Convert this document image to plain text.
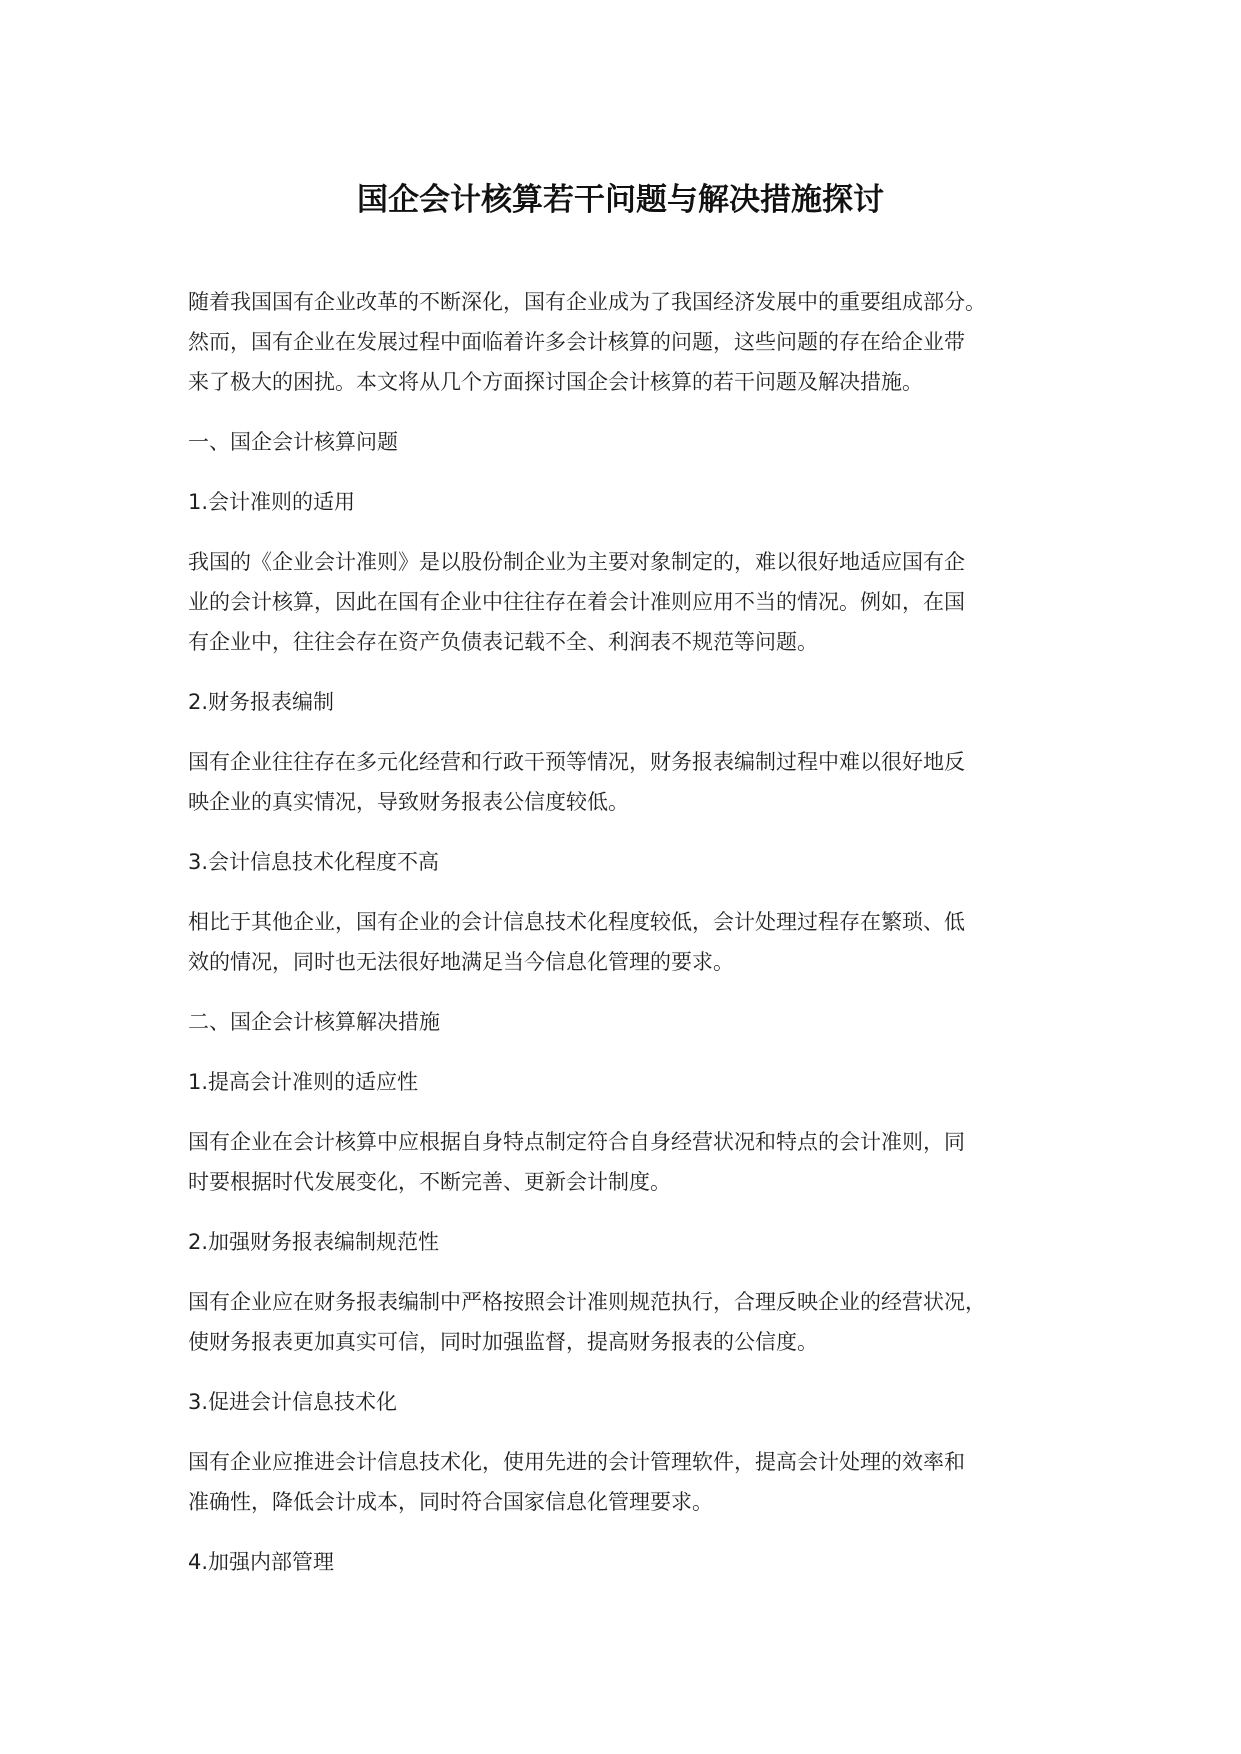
国企会计核算若干问题与解决措施探讨

随着我国国有企业改革的不断深化，国有企业成为了我国经济发展中的重要组成部分。
然而，国有企业在发展过程中面临着许多会计核算的问题，这些问题的存在给企业带
来了极大的困扰。本文将从几个方面探讨国企会计核算的若干问题及解决措施。

一、国企会计核算问题

1.会计准则的适用

我国的《企业会计准则》是以股份制企业为主要对象制定的，难以很好地适应国有企
业的会计核算，因此在国有企业中往往存在着会计准则应用不当的情况。例如，在国
有企业中，往往会存在资产负债表记载不全、利润表不规范等问题。

2.财务报表编制

国有企业往往存在多元化经营和行政干预等情况，财务报表编制过程中难以很好地反
映企业的真实情况，导致财务报表公信度较低。

3.会计信息技术化程度不高

相比于其他企业，国有企业的会计信息技术化程度较低，会计处理过程存在繁琐、低
效的情况，同时也无法很好地满足当今信息化管理的要求。

二、国企会计核算解决措施

1.提高会计准则的适应性

国有企业在会计核算中应根据自身特点制定符合自身经营状况和特点的会计准则，同
时要根据时代发展变化，不断完善、更新会计制度。

2.加强财务报表编制规范性

国有企业应在财务报表编制中严格按照会计准则规范执行，合理反映企业的经营状况，
使财务报表更加真实可信，同时加强监督，提高财务报表的公信度。

3.促进会计信息技术化

国有企业应推进会计信息技术化，使用先进的会计管理软件，提高会计处理的效率和
准确性，降低会计成本，同时符合国家信息化管理要求。

4.加强内部管理
